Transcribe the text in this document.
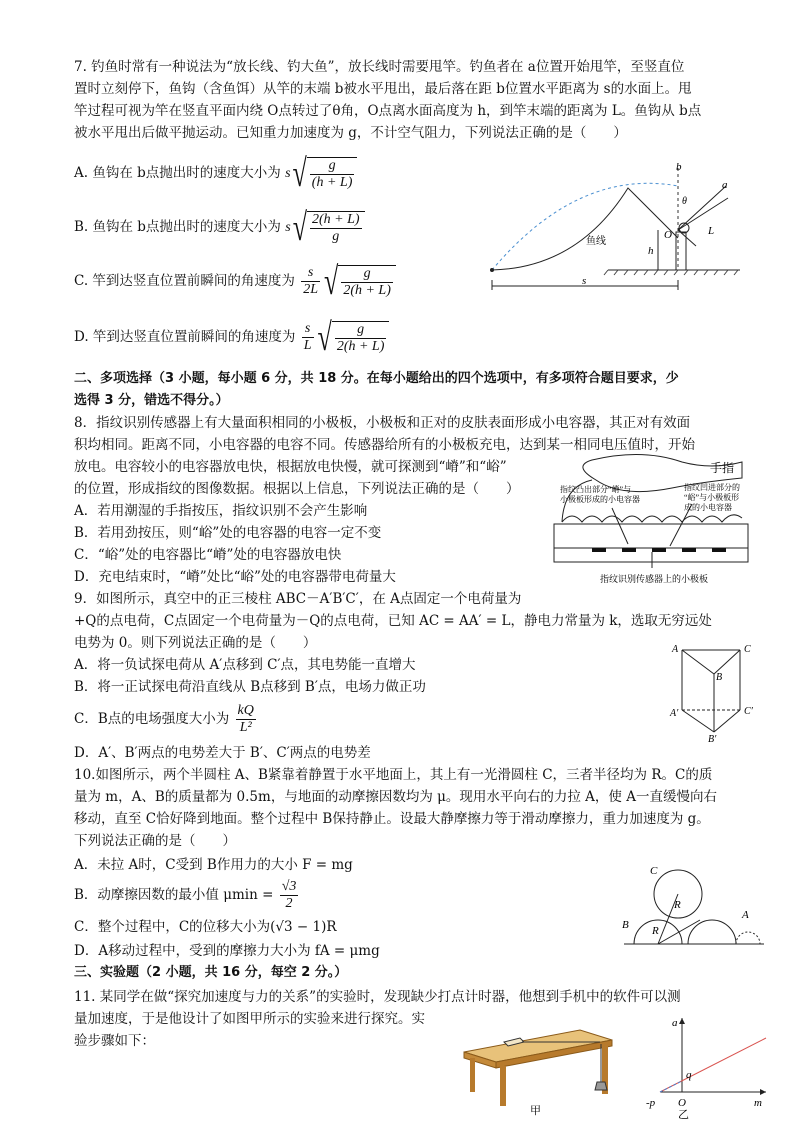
7. 钓鱼时常有一种说法为“放长线、钓大鱼”，放长线时需要甩竿。钓鱼者在 a位置开始甩竿，至竖直位
置时立刻停下，鱼钩（含鱼饵）从竿的末端 b被水平甩出，最后落在距 b位置水平距离为 s的水面上。甩
竿过程可视为竿在竖直平面内绕 O点转过了θ角，O点离水面高度为 h，到竿末端的距离为 L。鱼钩从 b点
被水平甩出后做平抛运动。已知重力加速度为 g，不计空气阻力，下列说法正确的是（　　）
A. 鱼钩在 b点抛出时的速度大小为 $s√ \frac{g}{(h + L)}$
B. 鱼钩在 b点抛出时的速度大小为 $s√ \frac{2(h + L)}{g}$
C. 竿到达竖直位置前瞬间的角速度为 $\frac{s}{2L}$ √ $\frac{g}{2(h + L)}$
D. 竿到达竖直位置前瞬间的角速度为 $\frac{s}{L}$ √ $\frac{g}{2(h + L)}$
b
a
θ
O	L
h
s
鱼线
二、多项选择（3 小题，每小题 6 分，共 18 分。在每小题给出的四个选项中，有多项符合题目要求，少
选得 3 分，错选不得分。）
8．指纹识别传感器上有大量面积相同的小极板，小极板和正对的皮肤表面形成小电容器，其正对有效面
积均相同。距离不同，小电容器的电容不同。传感器给所有的小极板充电，达到某一相同电压值时，开始
放电。电容较小的电容器放电快，根据放电快慢，就可探测到“嵴”和“峪”
的位置，形成指纹的图像数据。根据以上信息，下列说法正确的是（　　）
A．若用潮湿的手指按压，指纹识别不会产生影响
B．若用劲按压，则“峪”处的电容器的电容一定不变
C．“峪”处的电容器比“嵴”处的电容器放电快
D．充电结束时，“嵴”处比“峪”处的电容器带电荷量大
手指
指纹凸出部分“嵴”与
小极板形成的小电容器
指纹凹进部分的
“峪”与小极板形
成的小电容器
指纹识别传感器上的小极板
9．如图所示，真空中的正三棱柱 ABC－A′B′C′，在 A点固定一个电荷量为
+Q的点电荷，C点固定一个电荷量为－Q的点电荷，已知 AC = AA′ = L，静电力常量为 k，选取无穷远处
电势为 0。则下列说法正确的是（　　）
A．将一负试探电荷从 A′点移到 C′点，其电势能一直增大
B．将一正试探电荷沿直线从 B点移到 B′点，电场力做正功
C．B点的电场强度大小为 $\frac{kQ}{\text{L²}}$
D．A′、B′两点的电势差大于 B′、C′两点的电势差
A	C
B
A′	C′
B′
10.如图所示，两个半圆柱 A、B紧靠着静置于水平地面上，其上有一光滑圆柱 C，三者半径均为 R。C的质
量为 m，A、B的质量都为 0.5m，与地面的动摩擦因数均为 μ。现用水平向右的力拉 A，使 A一直缓慢向右
移动，直至 C恰好降到地面。整个过程中 B保持静止。设最大静摩擦力等于滑动摩擦力，重力加速度为 g。
下列说法正确的是（　　）
A．未拉 A时，C受到 B作用力的大小 F = mg
B．动摩擦因数的最小值 $\mu\min = \frac{√3}{2}$
C．整个过程中，C的位移大小为(√3 − 1)R
D．A移动过程中，受到的摩擦力大小为 fA = μmg
C
R
R
B
A
三、实验题（2 小题，共 16 分，每空 2 分。）
11. 某同学在做“探究加速度与力的关系”的实验时，发现缺少打点计时器，他想到手机中的软件可以测
量加速度，于是他设计了如图甲所示的实验来进行探究。实
验步骤如下：
甲
a
m
q
-p O
乙
